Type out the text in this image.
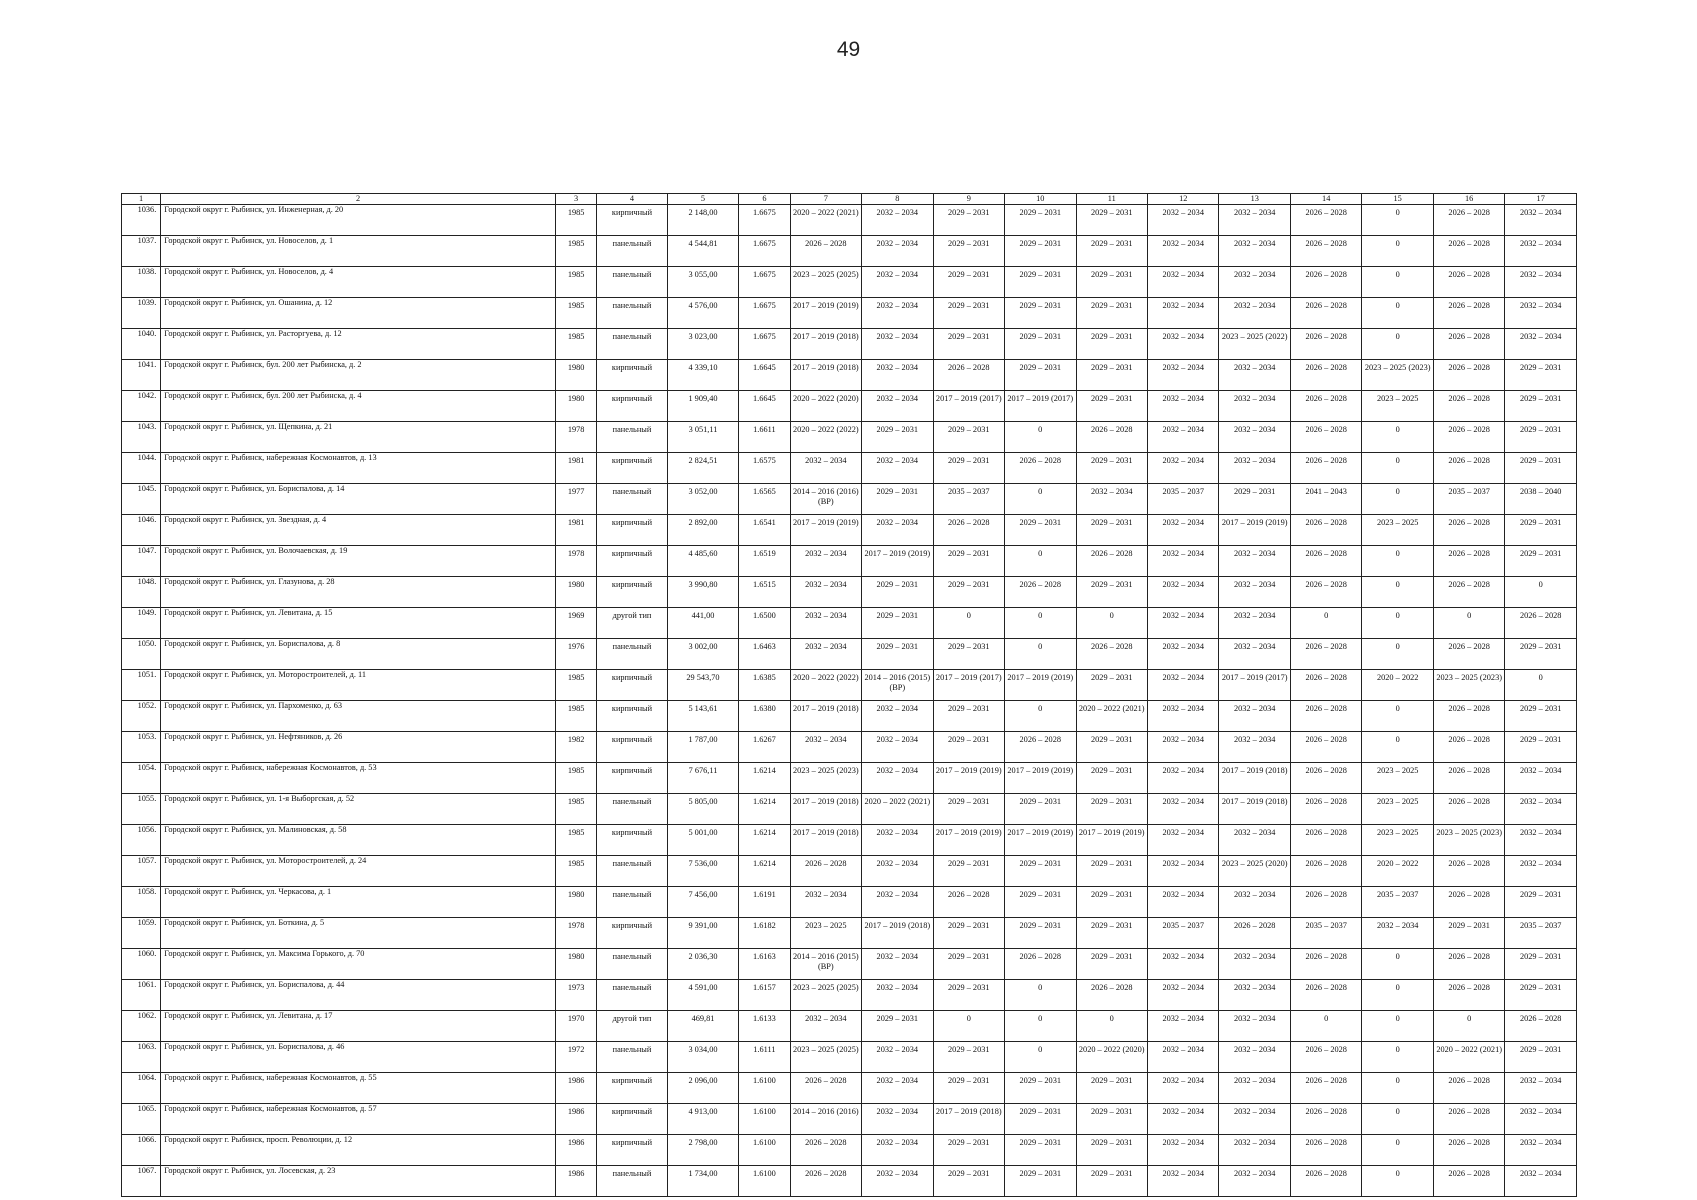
49
1	2	3	4	5	6	7	8	9	10	11	12	13	14	15	16	17
1036.	Городской округ г. Рыбинск, ул. Инженерная, д. 20	1985	кирпичный	2 148,00	1.6675	2020 – 2022 (2021)	2032 – 2034	2029 – 2031	2029 – 2031	2029 – 2031	2032 – 2034	2032 – 2034	2026 – 2028	0	2026 – 2028	2032 – 2034
1037.	Городской округ г. Рыбинск, ул. Новоселов, д. 1	1985	панельный	4 544,81	1.6675	2026 – 2028	2032 – 2034	2029 – 2031	2029 – 2031	2029 – 2031	2032 – 2034	2032 – 2034	2026 – 2028	0	2026 – 2028	2032 – 2034
1038.	Городской округ г. Рыбинск, ул. Новоселов, д. 4	1985	панельный	3 055,00	1.6675	2023 – 2025 (2025)	2032 – 2034	2029 – 2031	2029 – 2031	2029 – 2031	2032 – 2034	2032 – 2034	2026 – 2028	0	2026 – 2028	2032 – 2034
1039.	Городской округ г. Рыбинск, ул. Ошанина, д. 12	1985	панельный	4 576,00	1.6675	2017 – 2019 (2019)	2032 – 2034	2029 – 2031	2029 – 2031	2029 – 2031	2032 – 2034	2032 – 2034	2026 – 2028	0	2026 – 2028	2032 – 2034
1040.	Городской округ г. Рыбинск, ул. Расторгуева, д. 12	1985	панельный	3 023,00	1.6675	2017 – 2019 (2018)	2032 – 2034	2029 – 2031	2029 – 2031	2029 – 2031	2032 – 2034	2023 – 2025 (2022)	2026 – 2028	0	2026 – 2028	2032 – 2034
1041.	Городской округ г. Рыбинск, бул. 200 лет Рыбинска, д. 2	1980	кирпичный	4 339,10	1.6645	2017 – 2019 (2018)	2032 – 2034	2026 – 2028	2029 – 2031	2029 – 2031	2032 – 2034	2032 – 2034	2026 – 2028	2023 – 2025 (2023)	2026 – 2028	2029 – 2031
1042.	Городской округ г. Рыбинск, бул. 200 лет Рыбинска, д. 4	1980	кирпичный	1 909,40	1.6645	2020 – 2022 (2020)	2032 – 2034	2017 – 2019 (2017)	2017 – 2019 (2017)	2029 – 2031	2032 – 2034	2032 – 2034	2026 – 2028	2023 – 2025	2026 – 2028	2029 – 2031
1043.	Городской округ г. Рыбинск, ул. Щепкина, д. 21	1978	панельный	3 051,11	1.6611	2020 – 2022 (2022)	2029 – 2031	2029 – 2031	0	2026 – 2028	2032 – 2034	2032 – 2034	2026 – 2028	0	2026 – 2028	2029 – 2031
1044.	Городской округ г. Рыбинск, набережная Космонавтов, д. 13	1981	кирпичный	2 824,51	1.6575	2032 – 2034	2032 – 2034	2029 – 2031	2026 – 2028	2029 – 2031	2032 – 2034	2032 – 2034	2026 – 2028	0	2026 – 2028	2029 – 2031
1045.	Городской округ г. Рыбинск, ул. Бориспалова, д. 14	1977	панельный	3 052,00	1.6565	2014 – 2016 (2016) (ВР)	2029 – 2031	2035 – 2037	0	2032 – 2034	2035 – 2037	2029 – 2031	2041 – 2043	0	2035 – 2037	2038 – 2040
1046.	Городской округ г. Рыбинск, ул. Звездная, д. 4	1981	кирпичный	2 892,00	1.6541	2017 – 2019 (2019)	2032 – 2034	2026 – 2028	2029 – 2031	2029 – 2031	2032 – 2034	2017 – 2019 (2019)	2026 – 2028	2023 – 2025	2026 – 2028	2029 – 2031
1047.	Городской округ г. Рыбинск, ул. Волочаевская, д. 19	1978	кирпичный	4 485,60	1.6519	2032 – 2034	2017 – 2019 (2019)	2029 – 2031	0	2026 – 2028	2032 – 2034	2032 – 2034	2026 – 2028	0	2026 – 2028	2029 – 2031
1048.	Городской округ г. Рыбинск, ул. Глазунова, д. 28	1980	кирпичный	3 990,80	1.6515	2032 – 2034	2029 – 2031	2029 – 2031	2026 – 2028	2029 – 2031	2032 – 2034	2032 – 2034	2026 – 2028	0	2026 – 2028	0
1049.	Городской округ г. Рыбинск, ул. Левитана, д. 15	1969	другой тип	441,00	1.6500	2032 – 2034	2029 – 2031	0	0	0	2032 – 2034	2032 – 2034	0	0	0	2026 – 2028
1050.	Городской округ г. Рыбинск, ул. Бориспалова, д. 8	1976	панельный	3 002,00	1.6463	2032 – 2034	2029 – 2031	2029 – 2031	0	2026 – 2028	2032 – 2034	2032 – 2034	2026 – 2028	0	2026 – 2028	2029 – 2031
1051.	Городской округ г. Рыбинск, ул. Моторостроителей, д. 11	1985	кирпичный	29 543,70	1.6385	2020 – 2022 (2022)	2014 – 2016 (2015) (ВР)	2017 – 2019 (2017)	2017 – 2019 (2019)	2029 – 2031	2032 – 2034	2017 – 2019 (2017)	2026 – 2028	2020 – 2022	2023 – 2025 (2023)	0
1052.	Городской округ г. Рыбинск, ул. Пархоменко, д. 63	1985	кирпичный	5 143,61	1.6380	2017 – 2019 (2018)	2032 – 2034	2029 – 2031	0	2020 – 2022 (2021)	2032 – 2034	2032 – 2034	2026 – 2028	0	2026 – 2028	2029 – 2031
1053.	Городской округ г. Рыбинск, ул. Нефтяников, д. 26	1982	кирпичный	1 787,00	1.6267	2032 – 2034	2032 – 2034	2029 – 2031	2026 – 2028	2029 – 2031	2032 – 2034	2032 – 2034	2026 – 2028	0	2026 – 2028	2029 – 2031
1054.	Городской округ г. Рыбинск, набережная Космонавтов, д. 53	1985	кирпичный	7 676,11	1.6214	2023 – 2025 (2023)	2032 – 2034	2017 – 2019 (2019)	2017 – 2019 (2019)	2029 – 2031	2032 – 2034	2017 – 2019 (2018)	2026 – 2028	2023 – 2025	2026 – 2028	2032 – 2034
1055.	Городской округ г. Рыбинск, ул. 1-я Выборгская, д. 52	1985	панельный	5 805,00	1.6214	2017 – 2019 (2018)	2020 – 2022 (2021)	2029 – 2031	2029 – 2031	2029 – 2031	2032 – 2034	2017 – 2019 (2018)	2026 – 2028	2023 – 2025	2026 – 2028	2032 – 2034
1056.	Городской округ г. Рыбинск, ул. Малиновская, д. 58	1985	кирпичный	5 001,00	1.6214	2017 – 2019 (2018)	2032 – 2034	2017 – 2019 (2019)	2017 – 2019 (2019)	2017 – 2019 (2019)	2032 – 2034	2032 – 2034	2026 – 2028	2023 – 2025	2023 – 2025 (2023)	2032 – 2034
1057.	Городской округ г. Рыбинск, ул. Моторостроителей, д. 24	1985	панельный	7 536,00	1.6214	2026 – 2028	2032 – 2034	2029 – 2031	2029 – 2031	2029 – 2031	2032 – 2034	2023 – 2025 (2020)	2026 – 2028	2020 – 2022	2026 – 2028	2032 – 2034
1058.	Городской округ г. Рыбинск, ул. Черкасова, д. 1	1980	панельный	7 456,00	1.6191	2032 – 2034	2032 – 2034	2026 – 2028	2029 – 2031	2029 – 2031	2032 – 2034	2032 – 2034	2026 – 2028	2035 – 2037	2026 – 2028	2029 – 2031
1059.	Городской округ г. Рыбинск, ул. Боткина, д. 5	1978	кирпичный	9 391,00	1.6182	2023 – 2025	2017 – 2019 (2018)	2029 – 2031	2029 – 2031	2029 – 2031	2035 – 2037	2026 – 2028	2035 – 2037	2032 – 2034	2029 – 2031	2035 – 2037
1060.	Городской округ г. Рыбинск, ул. Максима Горького, д. 70	1980	панельный	2 036,30	1.6163	2014 – 2016 (2015) (ВР)	2032 – 2034	2029 – 2031	2026 – 2028	2029 – 2031	2032 – 2034	2032 – 2034	2026 – 2028	0	2026 – 2028	2029 – 2031
1061.	Городской округ г. Рыбинск, ул. Бориспалова, д. 44	1973	панельный	4 591,00	1.6157	2023 – 2025 (2025)	2032 – 2034	2029 – 2031	0	2026 – 2028	2032 – 2034	2032 – 2034	2026 – 2028	0	2026 – 2028	2029 – 2031
1062.	Городской округ г. Рыбинск, ул. Левитана, д. 17	1970	другой тип	469,81	1.6133	2032 – 2034	2029 – 2031	0	0	0	2032 – 2034	2032 – 2034	0	0	0	2026 – 2028
1063.	Городской округ г. Рыбинск, ул. Бориспалова, д. 46	1972	панельный	3 034,00	1.6111	2023 – 2025 (2025)	2032 – 2034	2029 – 2031	0	2020 – 2022 (2020)	2032 – 2034	2032 – 2034	2026 – 2028	0	2020 – 2022 (2021)	2029 – 2031
1064.	Городской округ г. Рыбинск, набережная Космонавтов, д. 55	1986	кирпичный	2 096,00	1.6100	2026 – 2028	2032 – 2034	2029 – 2031	2029 – 2031	2029 – 2031	2032 – 2034	2032 – 2034	2026 – 2028	0	2026 – 2028	2032 – 2034
1065.	Городской округ г. Рыбинск, набережная Космонавтов, д. 57	1986	кирпичный	4 913,00	1.6100	2014 – 2016 (2016)	2032 – 2034	2017 – 2019 (2018)	2029 – 2031	2029 – 2031	2032 – 2034	2032 – 2034	2026 – 2028	0	2026 – 2028	2032 – 2034
1066.	Городской округ г. Рыбинск, просп. Революции, д. 12	1986	кирпичный	2 798,00	1.6100	2026 – 2028	2032 – 2034	2029 – 2031	2029 – 2031	2029 – 2031	2032 – 2034	2032 – 2034	2026 – 2028	0	2026 – 2028	2032 – 2034
1067.	Городской округ г. Рыбинск, ул. Лосевская, д. 23	1986	панельный	1 734,00	1.6100	2026 – 2028	2032 – 2034	2029 – 2031	2029 – 2031	2029 – 2031	2032 – 2034	2032 – 2034	2026 – 2028	0	2026 – 2028	2032 – 2034
